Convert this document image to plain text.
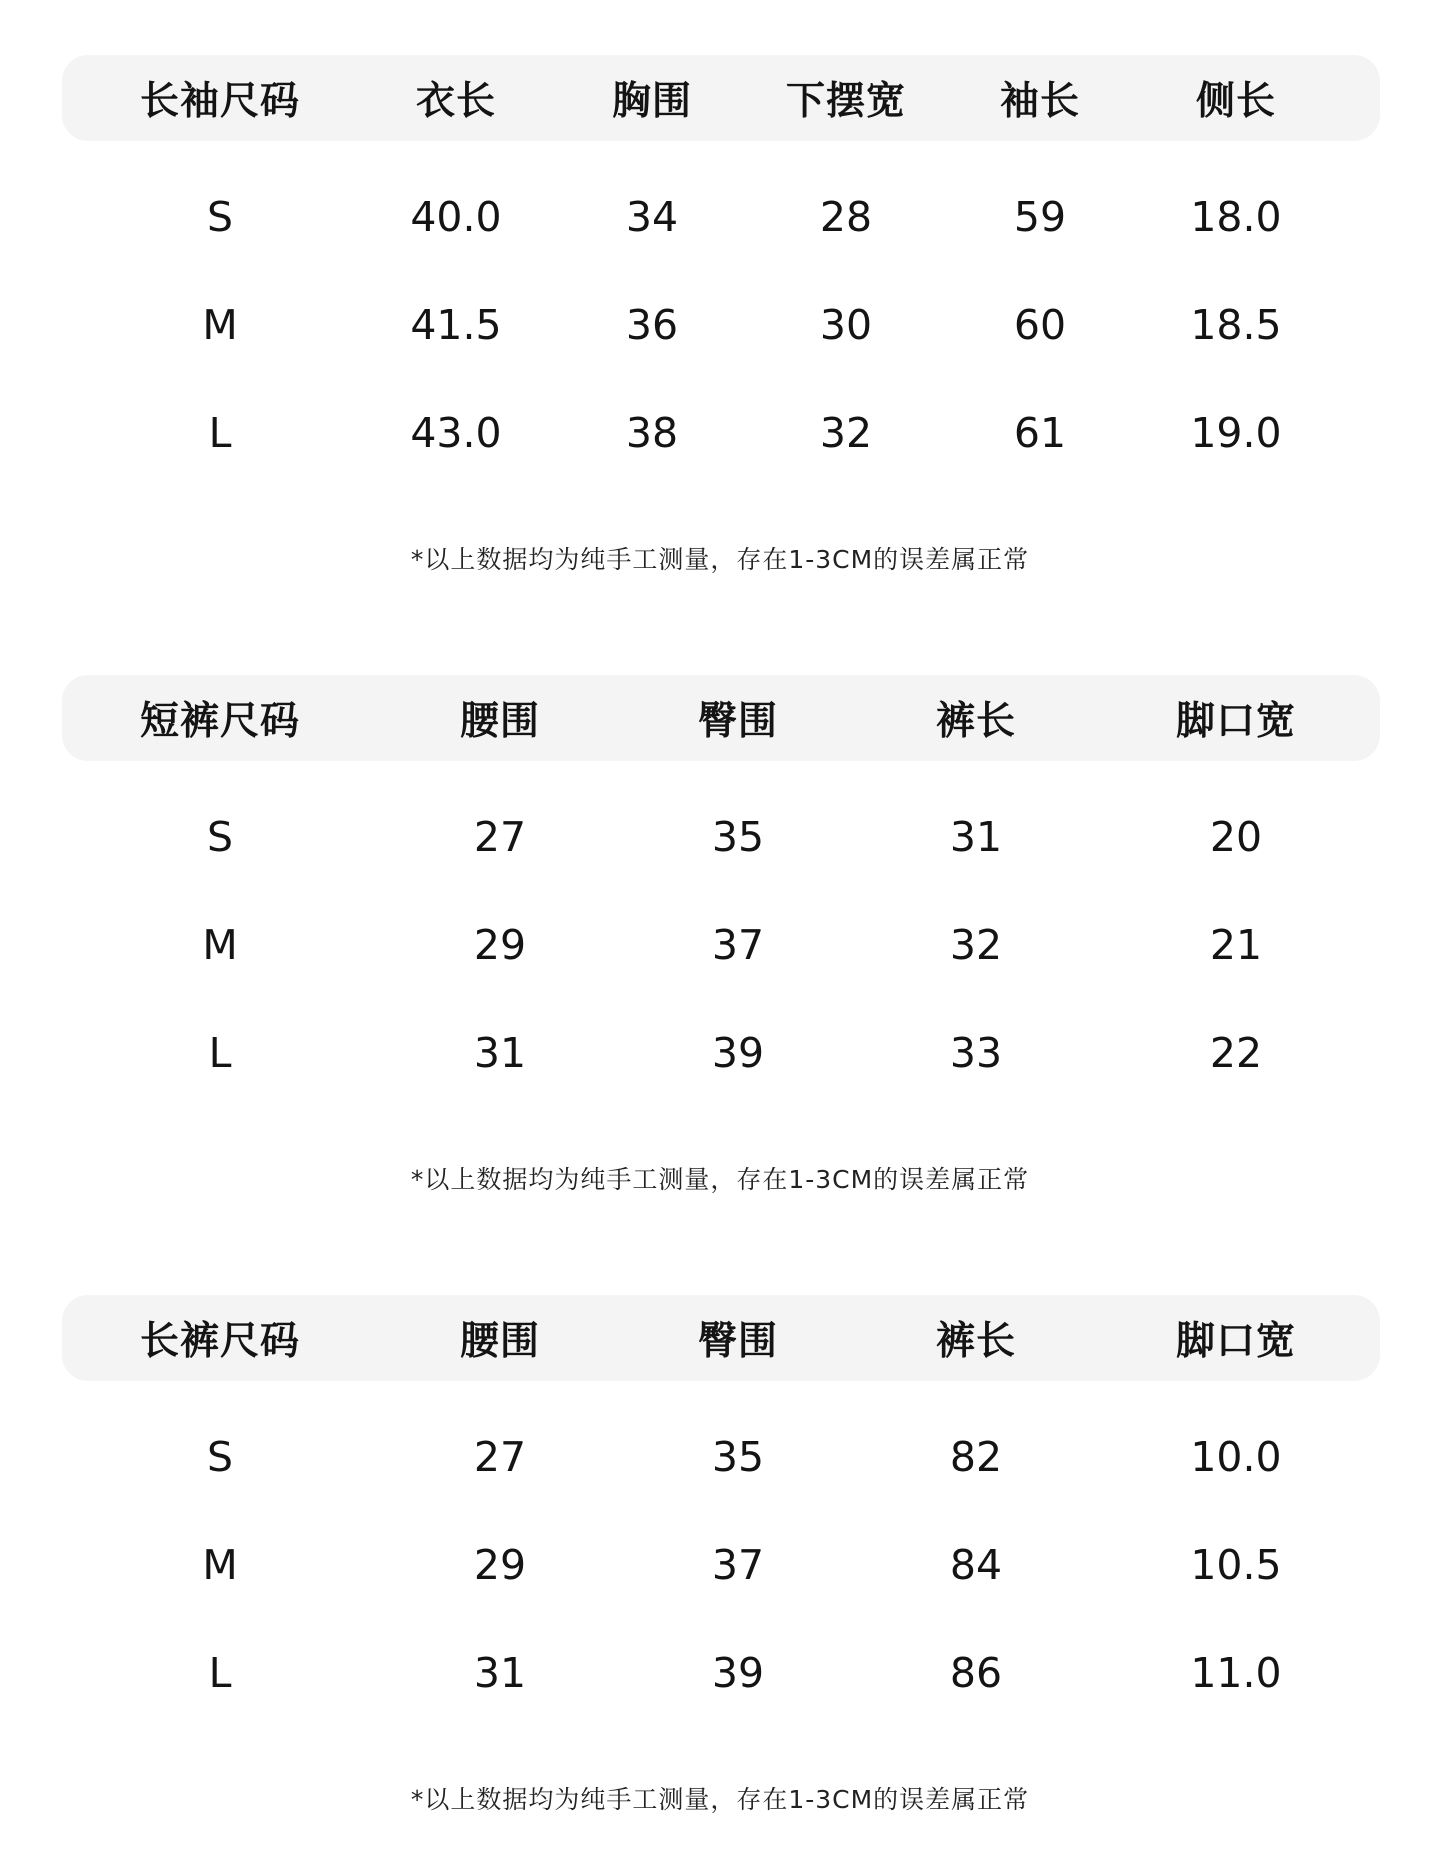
长袖尺码	衣长	胸围	下摆宽	袖长	侧长
S	40.0	34	28	59	18.0
M	41.5	36	30	60	18.5
L	43.0	38	32	61	19.0
*以上数据均为纯手工测量，存在1-3CM的误差属正常
短裤尺码	腰围	臀围	裤长	脚口宽
S	27	35	31	20
M	29	37	32	21
L	31	39	33	22
*以上数据均为纯手工测量，存在1-3CM的误差属正常
长裤尺码	腰围	臀围	裤长	脚口宽
S	27	35	82	10.0
M	29	37	84	10.5
L	31	39	86	11.0
*以上数据均为纯手工测量，存在1-3CM的误差属正常
